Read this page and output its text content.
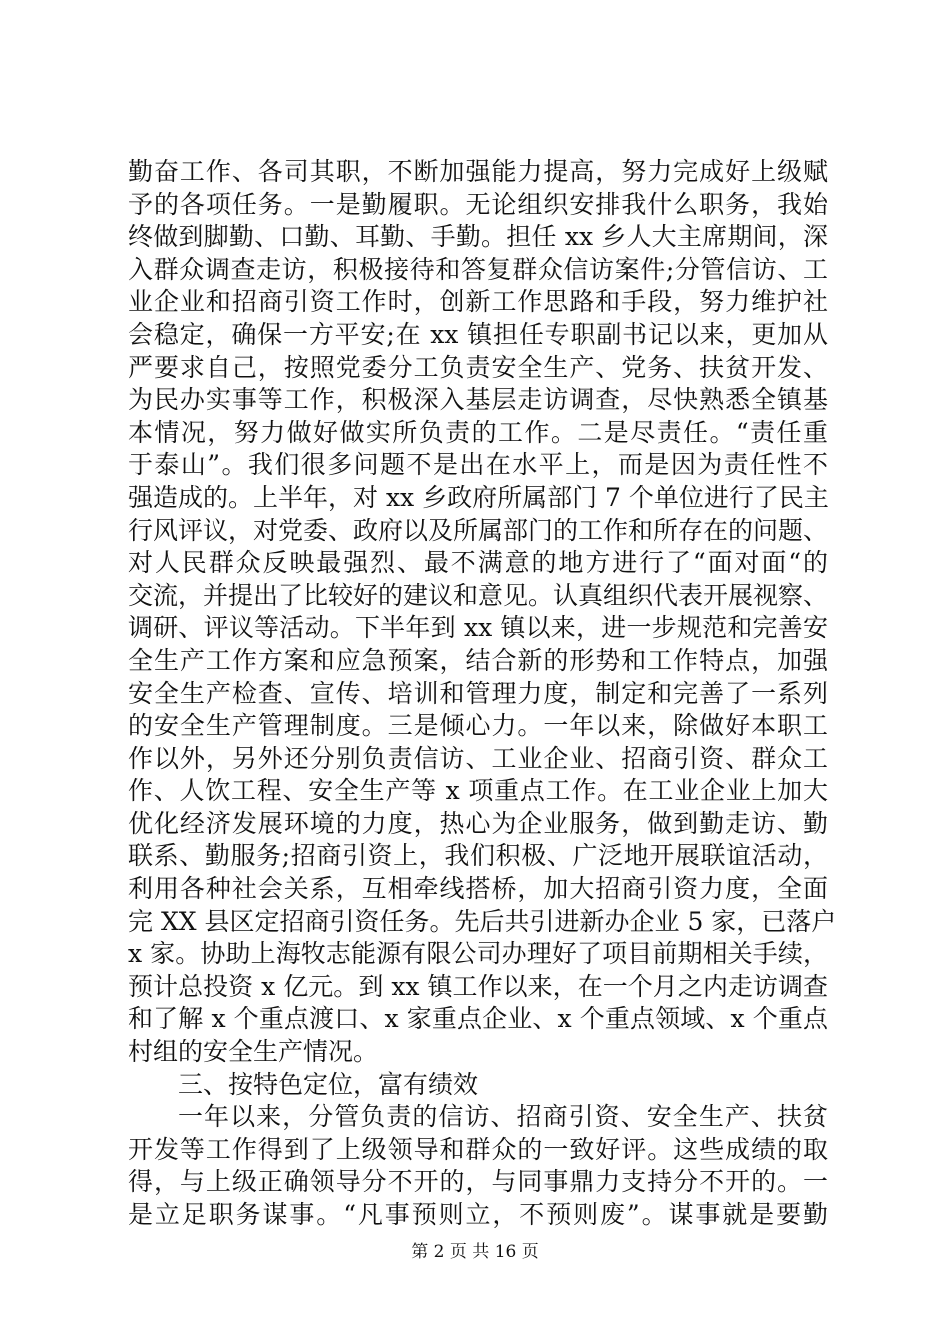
勤奋工作、各司其职，不断加强能力提高，努力完成好上级赋
予的各项任务。一是勤履职。无论组织安排我什么职务，我始
终做到脚勤、口勤、耳勤、手勤。担任 xx 乡人大主席期间，深
入群众调查走访，积极接待和答复群众信访案件;分管信访、工
业企业和招商引资工作时，创新工作思路和手段，努力维护社
会稳定，确保一方平安;在 xx 镇担任专职副书记以来，更加从
严要求自己，按照党委分工负责安全生产、党务、扶贫开发、
为民办实事等工作，积极深入基层走访调查，尽快熟悉全镇基
本情况，努力做好做实所负责的工作。二是尽责任。“责任重
于泰山”。我们很多问题不是出在水平上，而是因为责任性不
强造成的。上半年，对 xx 乡政府所属部门 7 个单位进行了民主
行风评议，对党委、政府以及所属部门的工作和所存在的问题、
对人民群众反映最强烈、最不满意的地方进行了“面对面“的
交流，并提出了比较好的建议和意见。认真组织代表开展视察、
调研、评议等活动。下半年到 xx 镇以来，进一步规范和完善安
全生产工作方案和应急预案，结合新的形势和工作特点，加强
安全生产检查、宣传、培训和管理力度，制定和完善了一系列
的安全生产管理制度。三是倾心力。一年以来，除做好本职工
作以外，另外还分别负责信访、工业企业、招商引资、群众工
作、人饮工程、安全生产等 x 项重点工作。在工业企业上加大
优化经济发展环境的力度，热心为企业服务，做到勤走访、勤
联系、勤服务;招商引资上，我们积极、广泛地开展联谊活动，
利用各种社会关系，互相牵线搭桥，加大招商引资力度，全面
完 XX 县区定招商引资任务。先后共引进新办企业 5 家，已落户
x 家。协助上海牧志能源有限公司办理好了项目前期相关手续，
预计总投资 x 亿元。到 xx 镇工作以来，在一个月之内走访调查
和了解 x 个重点渡口、x 家重点企业、x 个重点领域、x 个重点
村组的安全生产情况。
三、按特色定位，富有绩效
一年以来，分管负责的信访、招商引资、安全生产、扶贫
开发等工作得到了上级领导和群众的一致好评。这些成绩的取
得，与上级正确领导分不开的，与同事鼎力支持分不开的。一
是立足职务谋事。“凡事预则立，不预则废”。谋事就是要勤
第 2 页 共 16 页
